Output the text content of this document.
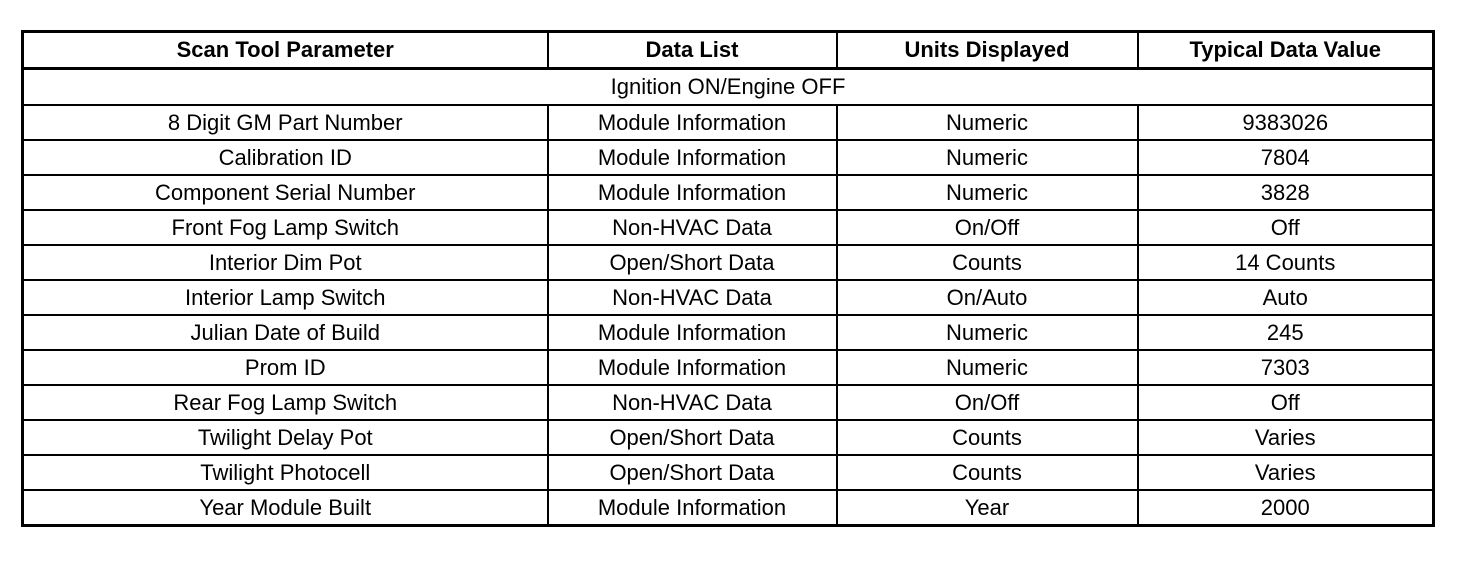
Scan Tool Parameter	Data List	Units Displayed	Typical Data Value
Ignition ON/Engine OFF			
8 Digit GM Part Number	Module Information	Numeric	9383026
Calibration ID	Module Information	Numeric	7804
Component Serial Number	Module Information	Numeric	3828
Front Fog Lamp Switch	Non-HVAC Data	On/Off	Off
Interior Dim Pot	Open/Short Data	Counts	14 Counts
Interior Lamp Switch	Non-HVAC Data	On/Auto	Auto
Julian Date of Build	Module Information	Numeric	245
Prom ID	Module Information	Numeric	7303
Rear Fog Lamp Switch	Non-HVAC Data	On/Off	Off
Twilight Delay Pot	Open/Short Data	Counts	Varies
Twilight Photocell	Open/Short Data	Counts	Varies
Year Module Built	Module Information	Year	2000
